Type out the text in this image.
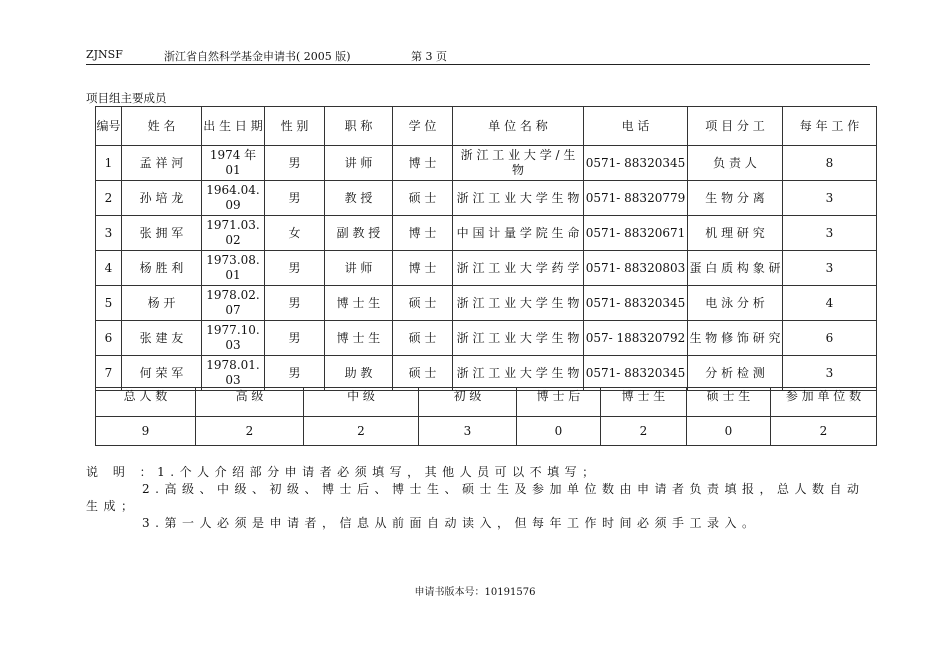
ZJNSF	浙江省自然科学基金申请书( 2005 版)	第 3 页
项目组主要成员
编号	姓 名	出 生 日 期	性 别	职 称	学 位	单 位 名 称	电 话	项 目 分 工	每 年 工 作

1	孟 祥 河	1974 年 01	男	讲 师	博 士	浙 江 工 业 大 学 / 生 物	0571- 88320345	负 责 人	8

2	孙 培 龙	1964.04. 09	男	教 授	硕 士	浙 江 工 业 大 学 生 物	0571- 88320779	生 物 分 离	3

3	张 拥 军	1971.03. 02	女	副 教 授	博 士	中 国 计 量 学 院 生 命	0571- 88320671	机 理 研 究	3

4	杨 胜 利	1973.08. 01	男	讲 师	博 士	浙 江 工 业 大 学 药 学	0571- 88320803	蛋 白 质 构 象 研	3

5	杨 开	1978.02. 07	男	博 士 生	硕 士	浙 江 工 业 大 学 生 物	0571- 88320345	电 泳 分 析	4

6	张 建 友	1977.10. 03	男	博 士 生	硕 士	浙 江 工 业 大 学 生 物	057- 188320792	生 物 修 饰 研 究	6

7	何 荣 军	1978.01. 03	男	助 教	硕 士	浙 江 工 业 大 学 生 物	0571- 88320345	分 析 检 测	3
总 人 数	高 级	中 级	初 级	博 士 后	博 士 生	硕 士 生	参 加 单 位 数

9	2	2	3	0	2	0	2

说 明 ：1.个人介绍部分申请者必须填写，其他人员可以不填写；

2.高级、中级、初级、博士后、博士生、硕士生及参加单位数由申请者负责填报，总人数自动生成；

3.第一人必须是申请者，信息从前面自动读入，但每年工作时间必须手工录入。

申请书版本号：10191576
